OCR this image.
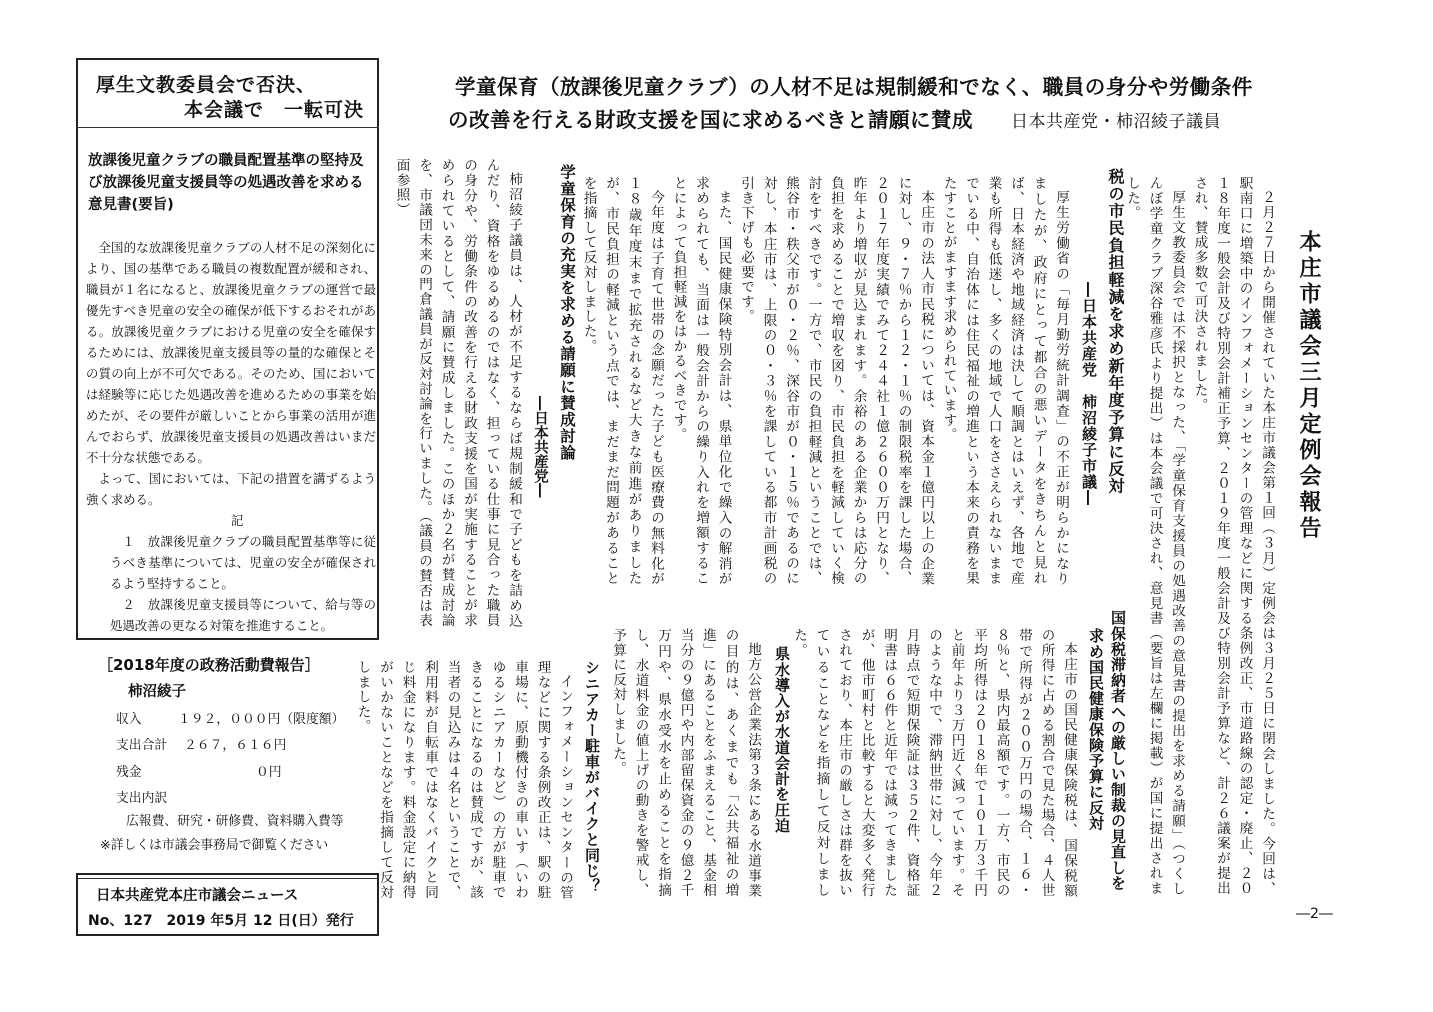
厚生文教委員会で否決、
本会議で　一転可決
放課後児童クラブの職員配置基準の堅持及び放課後児童支援員等の処遇改善を求める意見書(要旨)

全国的な放課後児童クラブの人材不足の深刻化により、国の基準である職員の複数配置が緩和され、職員が１名になると、放課後児童クラブの運営で最優先すべき児童の安全の確保が低下するおそれがある。放課後児童クラブにおける児童の安全を確保するためには、放課後児童支援員等の量的な確保とその質の向上が不可欠である。そのため、国においては経験等に応じた処遇改善を進めるための事業を始めたが、その要件が厳しいことから事業の活用が進んでおらず、放課後児童支援員の処遇改善はいまだ不十分な状態である。

よって、国においては、下記の措置を講ずるよう強く求める。

記

１　放課後児童クラブの職員配置基準等に従うべき基準については、児童の安全が確保されるよう堅持すること。

２　放課後児童支援員等について、給与等の処遇改善の更なる対策を推進すること。

［2018年度の政務活動費報告］
柿沼綾子
収入	１９２，０００円（限度額）
支出合計 ２６７，６１６円
残金	０円
支出内訳
広報費、研究・研修費、資料購入費等
※詳しくは市議会事務局で御覧ください
日本共産党本庄市議会ニュース
No、127　2019 年5月 12 日(日）発行
学童保育（放課後児童クラブ）の人材不足は規制緩和でなく、職員の身分や労働条件
の改善を行える財政支援を国に求めるべきと請願に賛成 日本共産党・柿沼綾子議員
本庄市議会三月定例会報告

２月２７日から開催されていた本庄市議会第１回（３月）定例会は３月２５日に閉会しました。今回は、駅南口に増築中のインフォメーションセンターの管理などに関する条例改正、市道路線の認定・廃止、２０１８年度一般会計及び特別会計補正予算、２０１９年度一般会計及び特別会計予算など、計２６議案が提出され、賛成多数で可決されました。

厚生文教委員会では不採択となった、「学童保育支援員の処遇改善の意見書の提出を求める請願」（つくしんぼ学童クラブ深谷雅彦氏より提出）は本会議で可決され、意見書（要旨は左欄に掲載）が国に提出されました。

税の市民負担軽減を求め新年度予算に反対
―日本共産党　柿沼綾子市議―

厚生労働省の「毎月勤労統計調査」の不正が明らかになりましたが、政府にとって都合の悪いデータをきちんと見れば、日本経済や地域経済は決して順調とはいえず、各地で産業も所得も低迷し、多くの地域で人口をささえられないままでいる中、自治体には住民福祉の増進という本来の責務を果たすことがますます求められています。

本庄市の法人市民税については、資本金１億円以上の企業に対し、９・７％から１２・１％の制限税率を課した場合、２０１７年度実績でみて２４４社１億２６００万円となり、昨年より増収が見込まれます。余裕のある企業からは応分の負担を求めることで増収を図り、市民負担を軽減していく検討をすべきです。一方で、市民の負担軽減ということでは、熊谷市・秩父市が０・２％、深谷市が０・１５％であるのに対し、本庄市は、上限の０・３％を課している都市計画税の引き下げも必要です。

また、国民健康保険特別会計は、県単位化で繰入の解消が求められても、当面は一般会計からの繰り入れを増額することによって負担軽減をはかるべきです。

今年度は子育て世帯の念願だった子ども医療費の無料化が１８歳年度末まで拡充されるなど大きな前進がありましたが、市民負担の軽減という点では、まだまだ問題があることを指摘して反対しました。

学童保育の充実を求める請願に賛成討論
―日本共産党―

柿沼綾子議員は、人材が不足するならば規制緩和で子どもを詰め込んだり、資格をゆるめるのではなく、担っている仕事に見合った職員の身分や、労働条件の改善を行える財政支援を国が実施することが求められているとして、請願に賛成しました。このほか２名が賛成討論を、市議団未来の門倉議員が反対討論を行いました。（議員の賛否は表面参照）

国保税滞納者への厳しい制裁の見直しを
求め国民健康保険予算に反対

本庄市の国民健康保険税は、国保税額の所得に占める割合で見た場合、４人世帯で所得が２００万円の場合、１６・８％と、県内最高額です。一方、市民の平均所得は２０１８年で１０１万３千円と前年より３万円近く減っています。そのような中で、滞納世帯に対し、今年２月時点で短期保険証は３５２件、資格証明書は６６件と近年では減ってきましたが、他市町村と比較すると大変多く発行されており、本庄市の厳しさは群を抜いていることなどを指摘して反対しました。

県水導入が水道会計を圧迫

地方公営企業法第３条にある水道事業の目的は、あくまでも「公共福祉の増進」にあることをふまえること、基金相当分の９億円や内部留保資金の９億２千万円や、県水受水を止めることを指摘し、水道料金の値上げの動きを警戒し、予算に反対しました。

シニアカー駐車がバイクと同じ？

インフォメーションセンターの管理などに関する条例改正は、駅の駐車場に、原動機付きの車いす（いわゆるシニアカーなど）の方が駐車できることになるのは賛成ですが、該当者の見込みは４名ということで、利用料が自転車ではなくバイクと同じ料金になります。料金設定に納得がいかないことなどを指摘して反対しました。

―2―
